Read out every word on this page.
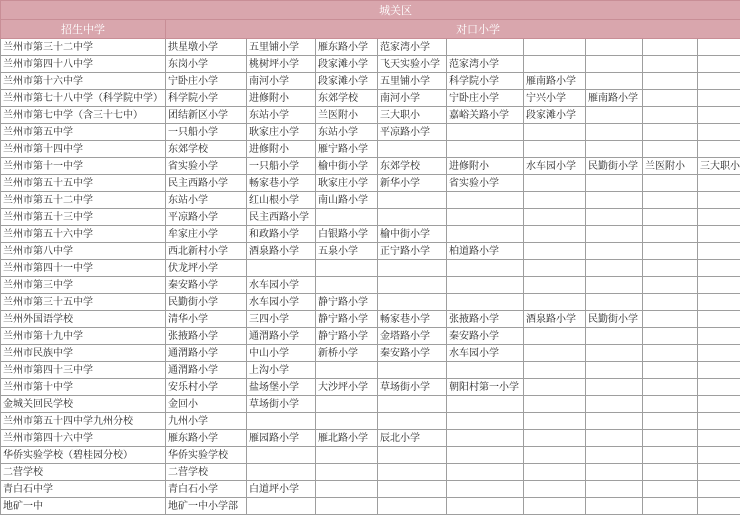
城关区										
招生中学	对口小学									
兰州市第三十二中学	拱星墩小学	五里铺小学	雁东路小学	范家湾小学						
兰州市第四十八中学	东岗小学	桃树坪小学	段家滩小学	飞天实验小学	范家湾小学					
兰州市第十六中学	宁卧庄小学	南河小学	段家滩小学	五里铺小学	科学院小学	雁南路小学				
兰州市第七十八中学（科学院中学）	科学院小学	进修附小	东郊学校	南河小学	宁卧庄小学	宁兴小学	雁南路小学			
兰州市第七中学（含三十七中）	团结新区小学	东站小学	兰医附小	三大职小	嘉峪关路小学	段家滩小学				
兰州市第五中学	一只船小学	耿家庄小学	东站小学	平凉路小学						
兰州市第十四中学	东郊学校	进修附小	雁宁路小学							
兰州市第十一中学	省实验小学	一只船小学	榆中街小学	东郊学校	进修附小	水车园小学	民勤街小学	兰医附小	三大职小	
兰州市第五十五中学	民主西路小学	畅家巷小学	耿家庄小学	新华小学	省实验小学					
兰州市第五十二中学	东站小学	红山根小学	南山路小学							
兰州市第五十三中学	平凉路小学	民主西路小学								
兰州市第五十六中学	牟家庄小学	和政路小学	白银路小学	榆中街小学						
兰州市第八中学	西北新村小学	酒泉路小学	五泉小学	正宁路小学	柏道路小学					
兰州市第四十一中学	伏龙坪小学									
兰州市第三中学	秦安路小学	水车园小学								
兰州市第三十五中学	民勤街小学	水车园小学	静宁路小学							
兰州外国语学校	清华小学	三四小学	静宁路小学	畅家巷小学	张掖路小学	酒泉路小学	民勤街小学			
兰州市第十九中学	张掖路小学	通渭路小学	静宁路小学	金塔路小学	秦安路小学					
兰州市民族中学	通渭路小学	中山小学	新桥小学	秦安路小学	水车园小学					
兰州市第四十三中学	通渭路小学	上沟小学								
兰州市第十中学	安乐村小学	盐场堡小学	大沙坪小学	草场街小学	朝阳村第一小学					
金城关回民学校	金回小	草场街小学								
兰州市第五十四中学九州分校	九州小学									
兰州市第四十六中学	雁东路小学	雁园路小学	雁北路小学	辰北小学						
华侨实验学校（碧桂园分校）	华侨实验学校									
二营学校	二营学校									
青白石中学	青白石小学	白道坪小学								
地矿一中	地矿一中小学部									
